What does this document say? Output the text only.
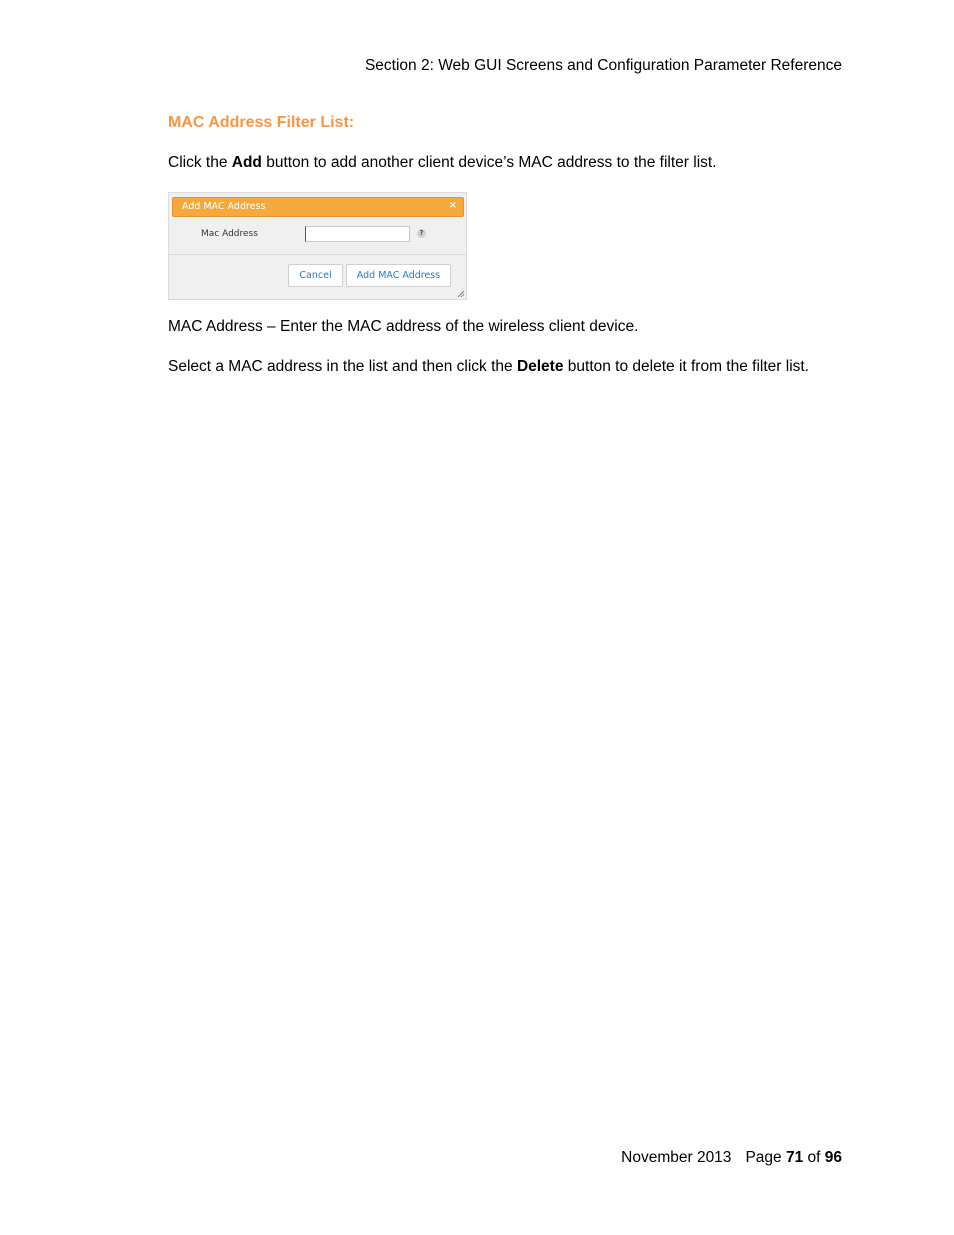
Section 2: Web GUI Screens and Configuration Parameter Reference
MAC Address Filter List:

Click the Add button to add another client device’s MAC address to the filter list.

Add MAC Address	×
Mac Address	?
Cancel	Add MAC Address

MAC Address – Enter the MAC address of the wireless client device.

Select a MAC address in the list and then click the Delete button to delete it from the filter list.

November 2013 Page 71 of 96
